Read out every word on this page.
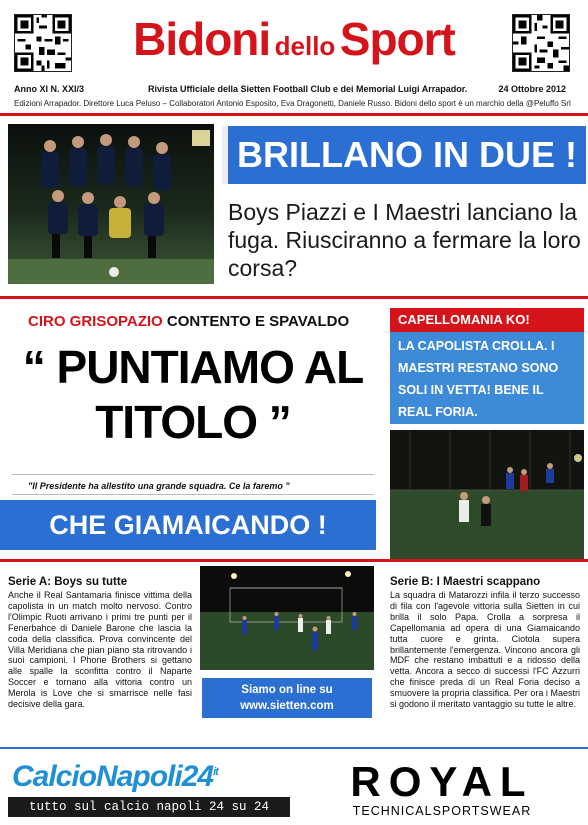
Bidoni dello Sport
Anno XI N. XXI/3	Rivista Ufficiale della Sietten Football Club e dei Memorial Luigi Arrapador.	24 Ottobre 2012
Edizioni Arrapador. Direttore Luca Peluso – Collaboratori Antonio Esposito, Eva Dragonetti, Daniele Russo. Bidoni dello sport è un marchio della @Peluffo Srl
BRILLANO IN DUE !
Boys Piazzi e I Maestri lanciano la fuga. Riusciranno a fermare la loro corsa?
CIRO GRISOPAZIO CONTENTO E SPAVALDO
“ PUNTIAMO AL
TITOLO ”
"Il Presidente ha allestito una grande squadra. Ce la faremo "
CHE GIAMAICANDO !
CAPELLOMANIA KO!
LA CAPOLISTA CROLLA. I MAESTRI RESTANO SONO SOLI IN VETTA! BENE IL REAL FORIA.
Serie A: Boys su tutte
Anche il Real Santamaria finisce vittima della capolista in un match molto nervoso. Contro l'Olimpic Ruoti arrivano i primi tre punti per il Fenerbahce di Daniele Barone che lascia la coda della classifica. Prova convincente del Villa Meridiana che pian piano sta ritrovando i suoi campioni. I Phone Brothers si gettano alle spalle la sconfitta contro il Naparte Soccer e tornano alla vittoria contro un Merola is Love che si smarrisce nelle fasi decisive della gara.
Siamo on line su
www.sietten.com
Serie B: I Maestri scappano
La squadra di Matarozzi infila il terzo successo di fila con l'agevole vittoria sulla Sietten in cui brilla il solo Papa. Crolla a sorpresa il Capellomania ad opera di una Giamaicando tutta cuore e grinta. Ciotola supera brillantemente l'emergenza. Vincono ancora gli MDF che restano imbattuti e a ridosso della vetta. Ancora a secco di successi l'FC Azzurri che finisce preda di un Real Foria deciso a smuovere la propria classifica. Per ora i Maestri si godono il meritato vantaggio su tutte le altre.
$CalcioNapoli24^{it}$
tutto sul calcio napoli 24 su 24
ROYAL
TECHNICALSPORTSWEAR
